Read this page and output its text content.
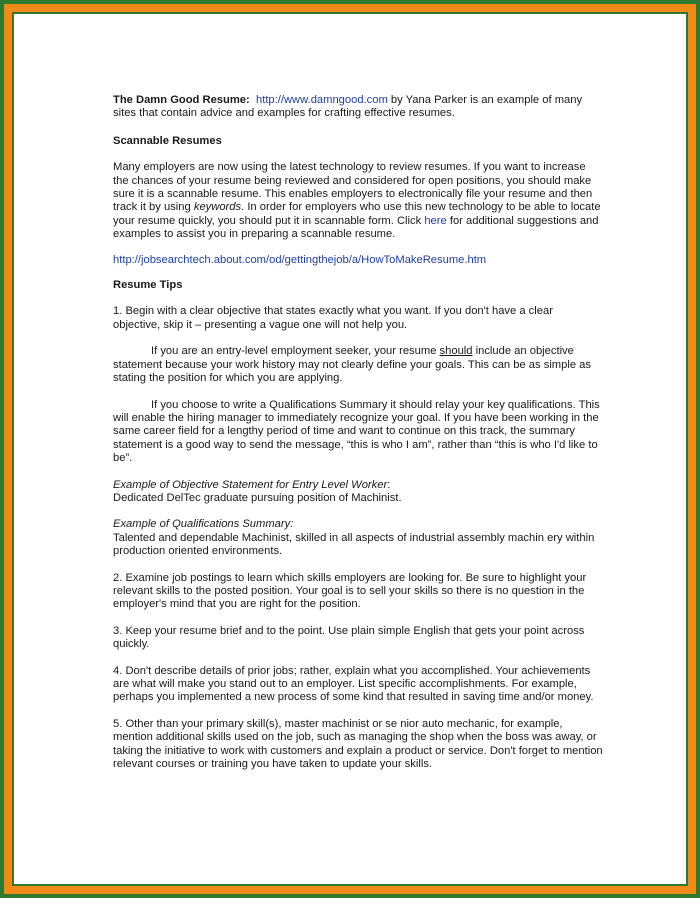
The Damn Good Resume: http://www.damngood.com by Yana Parker is an example of many sites that contain advice and examples for crafting effective resumes.

Scannable Resumes

Many employers are now using the latest technology to review resumes. If you want to increase the chances of your resume being reviewed and considered for open positions, you should make sure it is a scannable resume. This enables employers to electronically file your resume and then track it by using keywords. In order for employers who use this new technology to be able to locate your resume quickly, you should put it in scannable form. Click here for additional suggestions and examples to assist you in preparing a scannable resume.

http://jobsearchtech.about.com/od/gettingthejob/a/HowToMakeResume.htm

Resume Tips

1. Begin with a clear objective that states exactly what you want. If you don't have a clear objective, skip it – presenting a vague one will not help you.

If you are an entry-level employment seeker, your resume should include an objective statement because your work history may not clearly define your goals. This can be as simple as stating the position for which you are applying.

If you choose to write a Qualifications Summary it should relay your key qualifications. This will enable the hiring manager to immediately recognize your goal. If you have been working in the same career field for a lengthy period of time and want to continue on this track, the summary statement is a good way to send the message, “this is who I am”, rather than “this is who I'd like to be”.

Example of Objective Statement for Entry Level Worker:

Dedicated DelTec graduate pursuing position of Machinist.

Example of Qualifications Summary:

Talented and dependable Machinist, skilled in all aspects of industrial assembly machin ery within production oriented environments.

2. Examine job postings to learn which skills employers are looking for. Be sure to highlight your relevant skills to the posted position. Your goal is to sell your skills so there is no question in the employer's mind that you are right for the position.

3. Keep your resume brief and to the point. Use plain simple English that gets your point across quickly.

4. Don't describe details of prior jobs; rather, explain what you accomplished. Your achievements are what will make you stand out to an employer. List specific accomplishments. For example, perhaps you implemented a new process of some kind that resulted in saving time and/or money.

5. Other than your primary skill(s), master machinist or se nior auto mechanic, for example, mention additional skills used on the job, such as managing the shop when the boss was away, or taking the initiative to work with customers and explain a product or service. Don't forget to mention relevant courses or training you have taken to update your skills.
